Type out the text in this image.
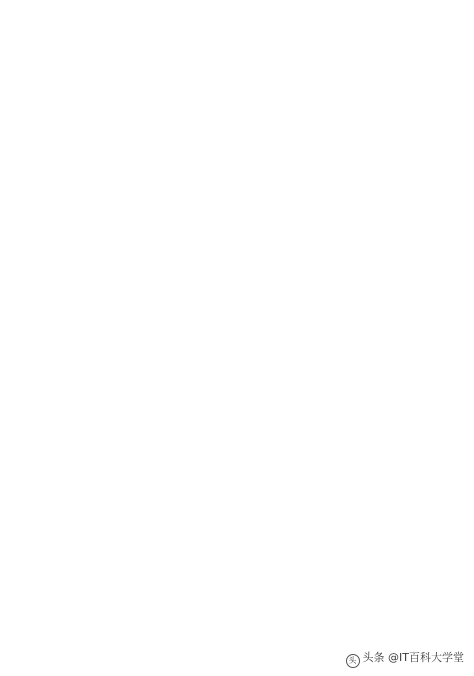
头 头条 @IT百科大学堂
